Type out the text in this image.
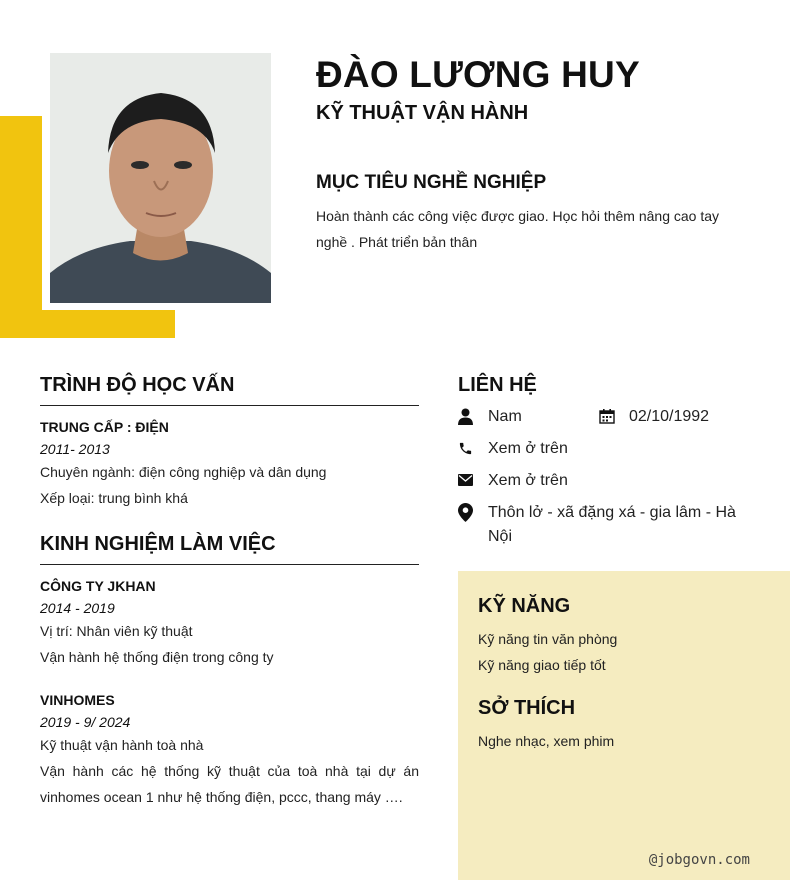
ĐÀO LƯƠNG HUY
KỸ THUẬT VẬN HÀNH
MỤC TIÊU NGHỀ NGHIỆP
Hoàn thành các công việc được giao. Học hỏi thêm nâng cao tay nghề . Phát triển bản thân
TRÌNH ĐỘ HỌC VẤN
TRUNG CẤP : ĐIỆN
2011- 2013
Chuyên ngành: điện công nghiệp và dân dụng
Xếp loại: trung bình khá
KINH NGHIỆM LÀM VIỆC
CÔNG TY JKHAN
2014 - 2019
Vị trí: Nhân viên kỹ thuật
Vận hành hệ thống điện trong công ty
VINHOMES
2019 - 9/ 2024
Kỹ thuật vận hành toà nhà
Vận hành các hệ thống kỹ thuật của toà nhà tại dự án vinhomes ocean 1 như hệ thống điện, pccc, thang máy ….
LIÊN HỆ
Nam	02/10/1992
Xem ở trên
Xem ở trên
Thôn lở - xã đặng xá - gia lâm - Hà Nội
KỸ NĂNG
Kỹ năng tin văn phòng
Kỹ năng giao tiếp tốt
SỞ THÍCH
Nghe nhạc, xem phim
@jobgovn.com
